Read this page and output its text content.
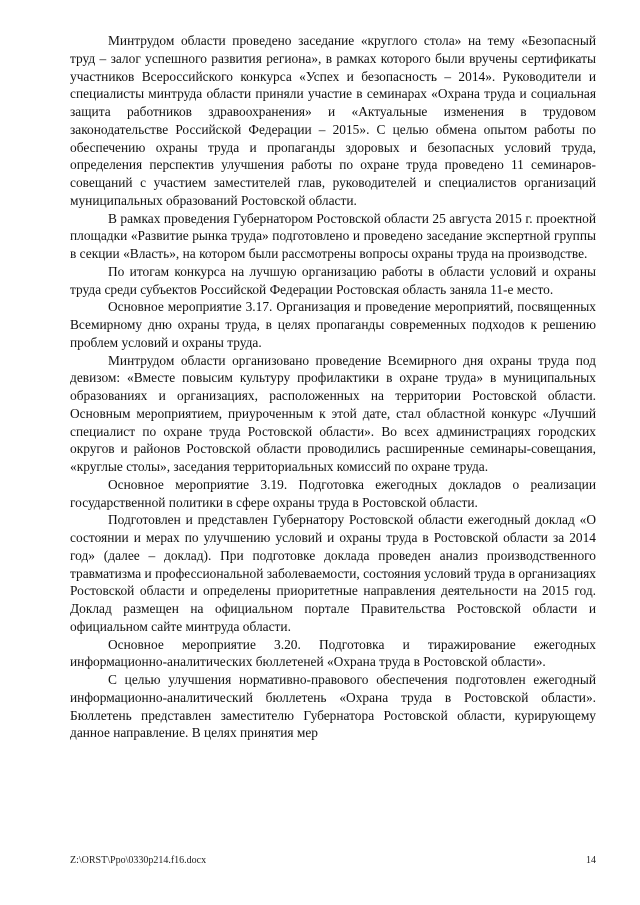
Минтрудом области проведено заседание «круглого стола» на тему «Безопасный труд – залог успешного развития региона», в рамках которого были вручены сертификаты участников Всероссийского конкурса «Успех и безопасность – 2014». Руководители и специалисты минтруда области приняли участие в семинарах «Охрана труда и социальная защита работников здравоохранения» и «Актуальные изменения в трудовом законодательстве Российской Федерации – 2015». С целью обмена опытом работы по обеспечению охраны труда и пропаганды здоровых и безопасных условий труда, определения перспектив улучшения работы по охране труда проведено 11 семинаров-совещаний с участием заместителей глав, руководителей и специалистов организаций муниципальных образований Ростовской области.

В рамках проведения Губернатором Ростовской области 25 августа 2015 г. проектной площадки «Развитие рынка труда» подготовлено и проведено заседание экспертной группы в секции «Власть», на котором были рассмотрены вопросы охраны труда на производстве.

По итогам конкурса на лучшую организацию работы в области условий и охраны труда среди субъектов Российской Федерации Ростовская область заняла 11-е место.

Основное мероприятие 3.17. Организация и проведение мероприятий, посвященных Всемирному дню охраны труда, в целях пропаганды современных подходов к решению проблем условий и охраны труда.

Минтрудом области организовано проведение Всемирного дня охраны труда под девизом: «Вместе повысим культуру профилактики в охране труда» в муниципальных образованиях и организациях, расположенных на территории Ростовской области. Основным мероприятием, приуроченным к этой дате, стал областной конкурс «Лучший специалист по охране труда Ростовской области». Во всех администрациях городских округов и районов Ростовской области проводились расширенные семинары-совещания, «круглые столы», заседания территориальных комиссий по охране труда.

Основное мероприятие 3.19. Подготовка ежегодных докладов о реализации государственной политики в сфере охраны труда в Ростовской области.

Подготовлен и представлен Губернатору Ростовской области ежегодный доклад «О состоянии и мерах по улучшению условий и охраны труда в Ростовской области за 2014 год» (далее – доклад). При подготовке доклада проведен анализ производственного травматизма и профессиональной заболеваемости, состояния условий труда в организациях Ростовской области и определены приоритетные направления деятельности на 2015 год. Доклад размещен на официальном портале Правительства Ростовской области и официальном сайте минтруда области.

Основное мероприятие 3.20. Подготовка и тиражирование ежегодных информационно-аналитических бюллетеней «Охрана труда в Ростовской области».

С целью улучшения нормативно-правового обеспечения подготовлен ежегодный информационно-аналитический бюллетень «Охрана труда в Ростовской области». Бюллетень представлен заместителю Губернатора Ростовской области, курирующему данное направление. В целях принятия мер

Z:\ORST\Ppo\0330p214.f16.docx	14
